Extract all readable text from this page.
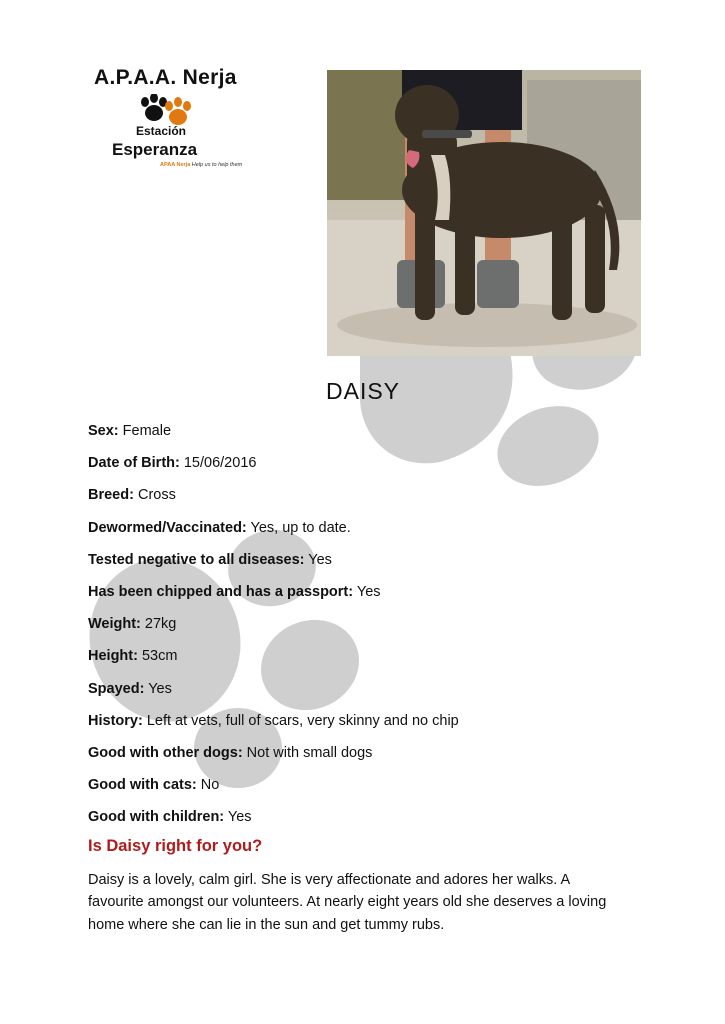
A.P.A.A. Nerja
Estación
Esperanza
APAA Nerja Help us to help them
DAISY
Sex: Female
Date of Birth: 15/06/2016
Breed: Cross
Dewormed/Vaccinated: Yes, up to date.
Tested negative to all diseases: Yes
Has been chipped and has a passport: Yes
Weight: 27kg
Height: 53cm
Spayed: Yes
History: Left at vets, full of scars, very skinny and no chip
Good with other dogs: Not with small dogs
Good with cats: No
Good with children: Yes
Is Daisy right for you?

Daisy is a lovely, calm girl. She is very affectionate and adores her walks. A favourite amongst our volunteers. At nearly eight years old she deserves a loving home where she can lie in the sun and get tummy rubs.
